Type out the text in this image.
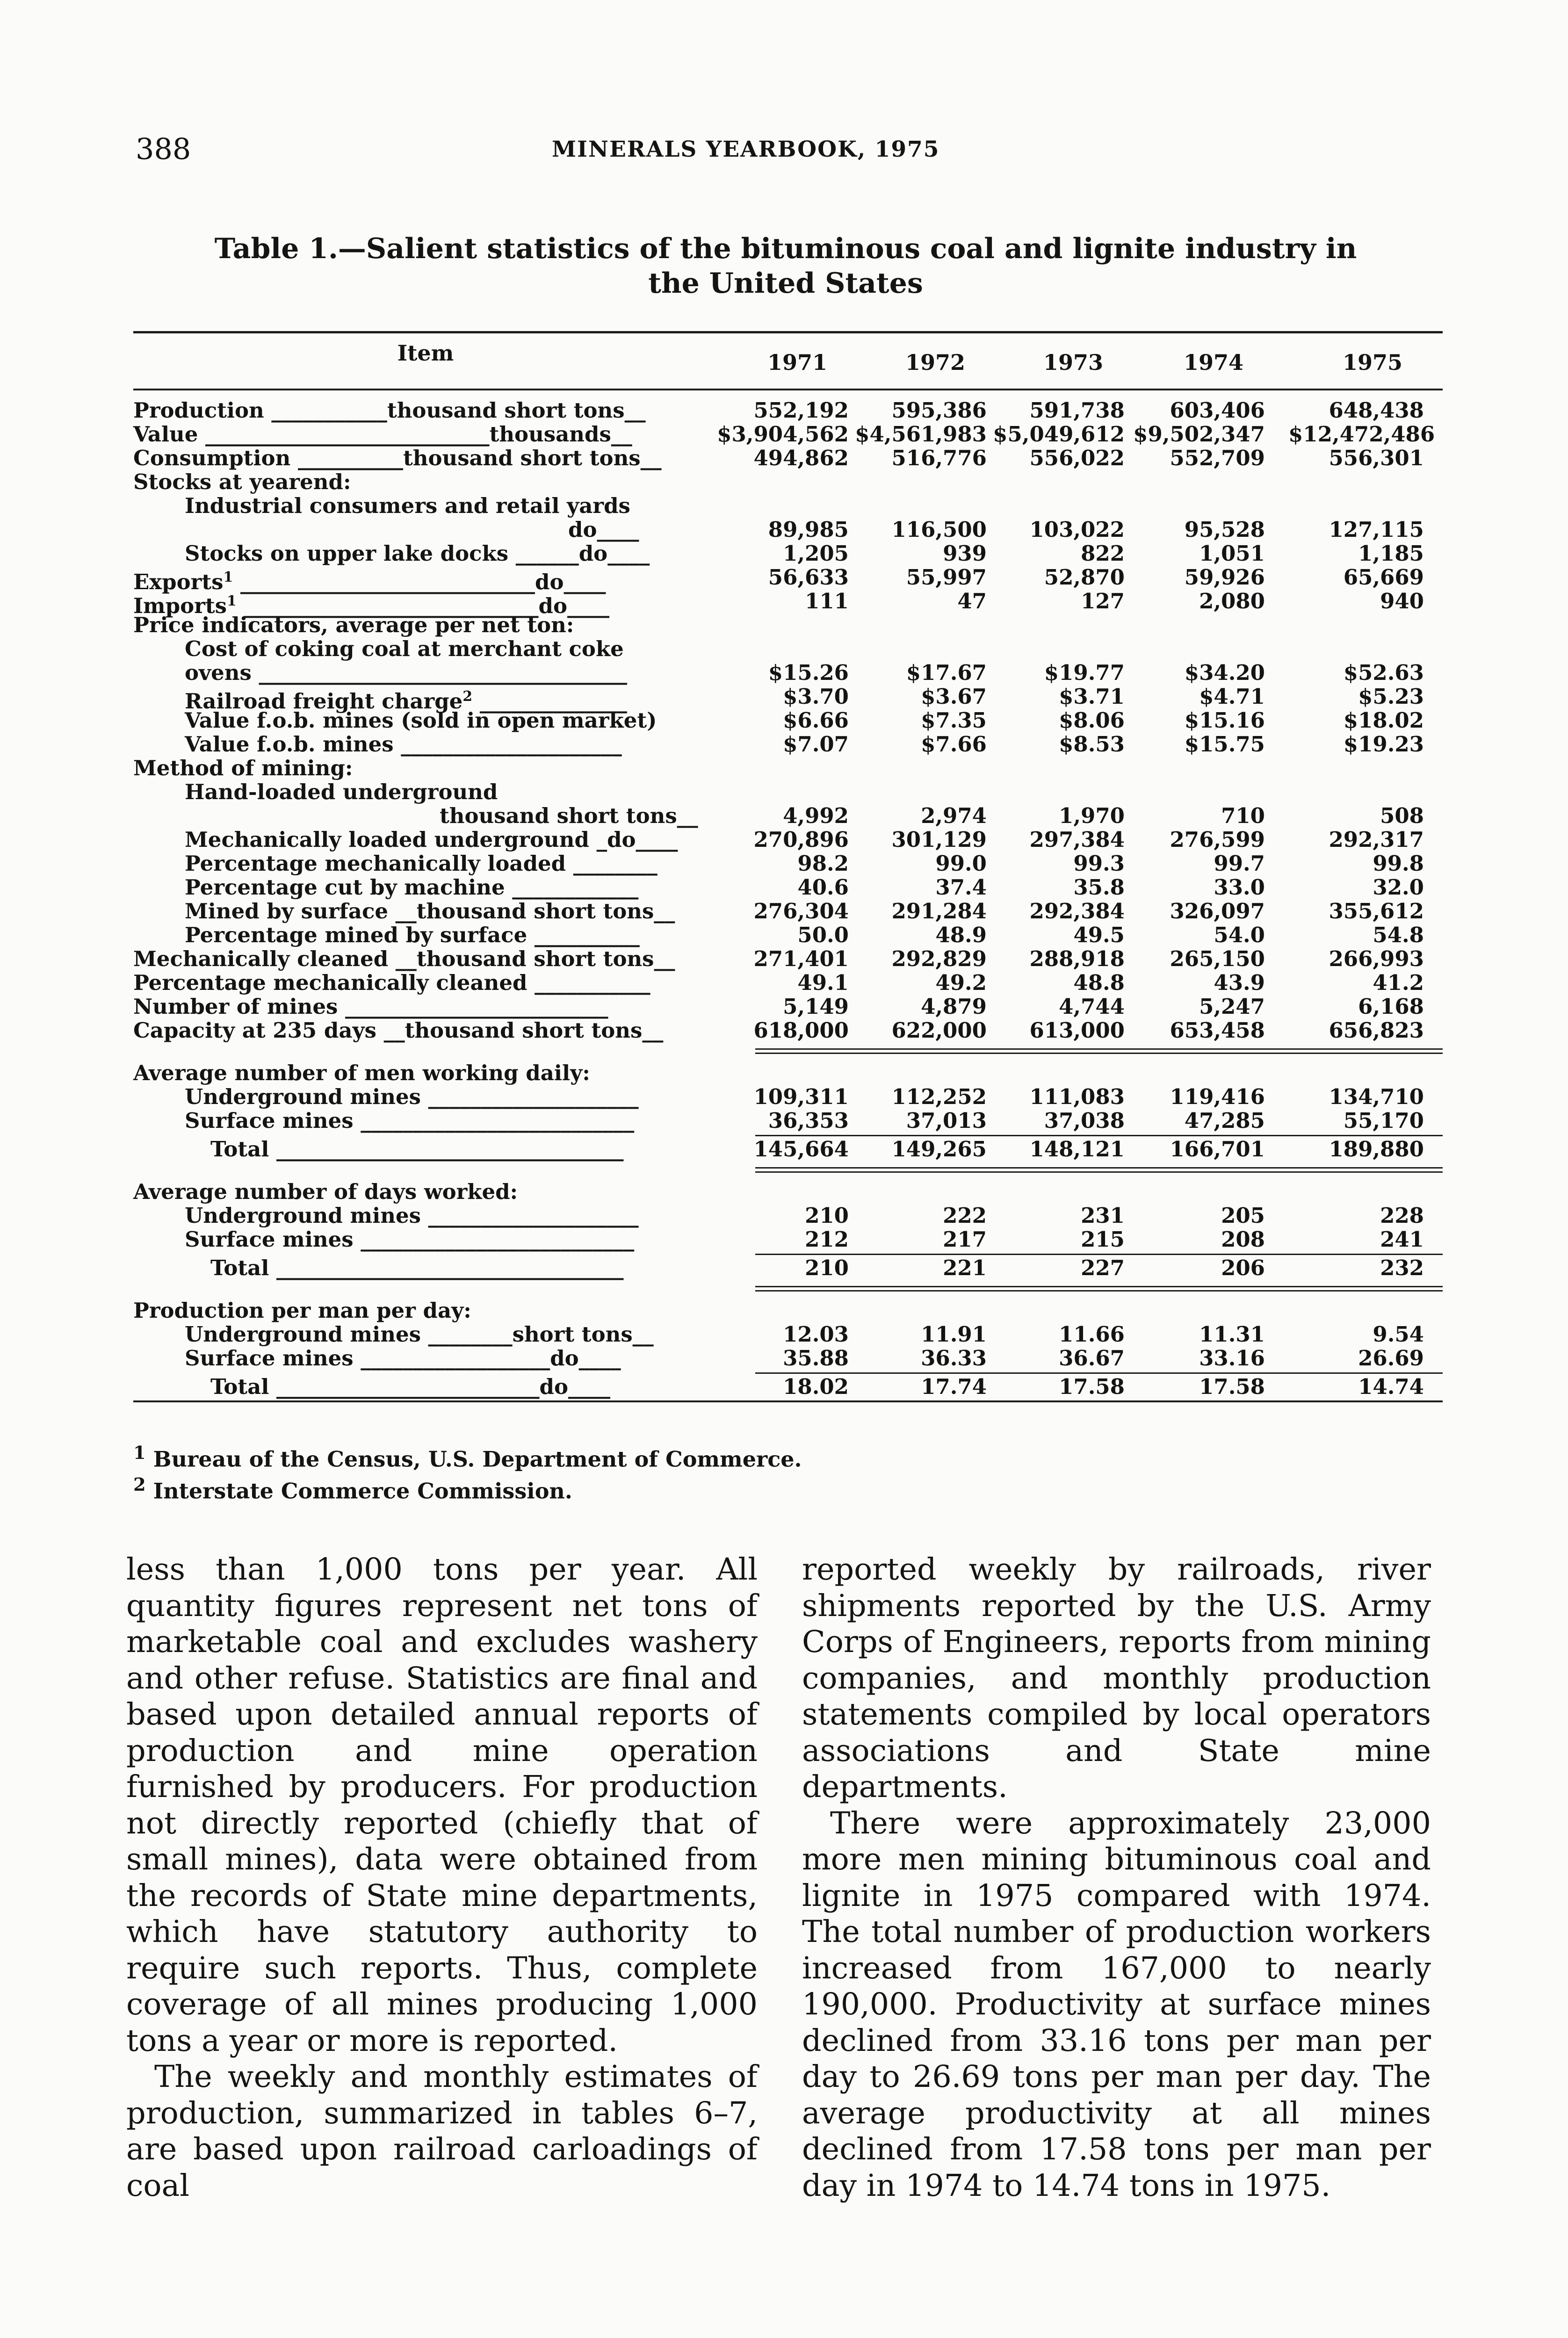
388	MINERALS YEARBOOK, 1975
Table 1.—Salient statistics of the bituminous coal and lignite industry in
the United States
Item	1971	1972	1973	1974	1975
Production ___________thousand short tons__	552,192	595,386	591,738	603,406	648,438
Value ___________________________thousands__	$3,904,562 $4,561,983 $5,049,612 $9,502,347 $12,472,486
Consumption __________thousand short tons__	494,862	516,776	556,022	552,709	556,301
Stocks at yearend:
Industrial consumers and retail yards
do____	89,985	116,500	103,022	95,528	127,115
Stocks on upper lake docks ______do____	1,205	939	822	1,051	1,185
Exports$^1$ ____________________________do____	56,633	55,997	52,870	59,926	65,669
Imports$^1$ ____________________________do____	111	47	127	2,080	940
Price indicators, average per net ton:
Cost of coking coal at merchant coke
ovens ___________________________________	$15.26	$17.67	$19.77	$34.20	$52.63
Railroad freight charge$^2$ ______________	$3.70	$3.67	$3.71	$4.71	$5.23
Value f.o.b. mines (sold in open market)	$6.66	$7.35	$8.06	$15.16	$18.02
Value f.o.b. mines _____________________	$7.07	$7.66	$8.53	$15.75	$19.23
Method of mining:
Hand-loaded underground
thousand short tons__	4,992	2,974	1,970	710	508
Mechanically loaded underground _do____	270,896	301,129	297,384	276,599	292,317
Percentage mechanically loaded ________	98.2	99.0	99.3	99.7	99.8
Percentage cut by machine ____________	40.6	37.4	35.8	33.0	32.0
Mined by surface __thousand short tons__	276,304	291,284	292,384	326,097	355,612
Percentage mined by surface __________	50.0	48.9	49.5	54.0	54.8
Mechanically cleaned __thousand short tons__	271,401	292,829	288,918	265,150	266,993
Percentage mechanically cleaned ___________	49.1	49.2	48.8	43.9	41.2
Number of mines _________________________	5,149	4,879	4,744	5,247	6,168
Capacity at 235 days __thousand short tons__	618,000	622,000	613,000	653,458	656,823
Average number of men working daily:
Underground mines ____________________	109,311	112,252	111,083	119,416	134,710
Surface mines __________________________	36,353	37,013	37,038	47,285	55,170
Total _________________________________	145,664	149,265	148,121	166,701	189,880
Average number of days worked:
Underground mines ____________________	210	222	231	205	228
Surface mines __________________________	212	217	215	208	241
Total _________________________________	210	221	227	206	232
Production per man per day:
Underground mines ________short tons__	12.03	11.91	11.66	11.31	9.54
Surface mines __________________do____	35.88	36.33	36.67	33.16	26.69
Total _________________________do____	18.02	17.74	17.58	17.58	14.74
$^1$ Bureau of the Census, U.S. Department of Commerce.
$^2$ Interstate Commerce Commission.

less than 1,000 tons per year. All quantity figures represent net tons of marketable coal and excludes washery and other refuse. Statistics are final and based upon detailed annual reports of production and mine operation furnished by producers. For production not directly reported (chiefly that of small mines), data were obtained from the records of State mine departments, which have statutory authority to require such reports. Thus, complete coverage of all mines producing 1,000 tons a year or more is reported.

The weekly and monthly estimates of production, summarized in tables 6–7, are based upon railroad carloadings of coal

reported weekly by railroads, river shipments reported by the U.S. Army Corps of Engineers, reports from mining companies, and monthly production statements compiled by local operators associations and State mine departments.

There were approximately 23,000 more men mining bituminous coal and lignite in 1975 compared with 1974. The total number of production workers increased from 167,000 to nearly 190,000. Productivity at surface mines declined from 33.16 tons per man per day to 26.69 tons per man per day. The average productivity at all mines declined from 17.58 tons per man per day in 1974 to 14.74 tons in 1975.
